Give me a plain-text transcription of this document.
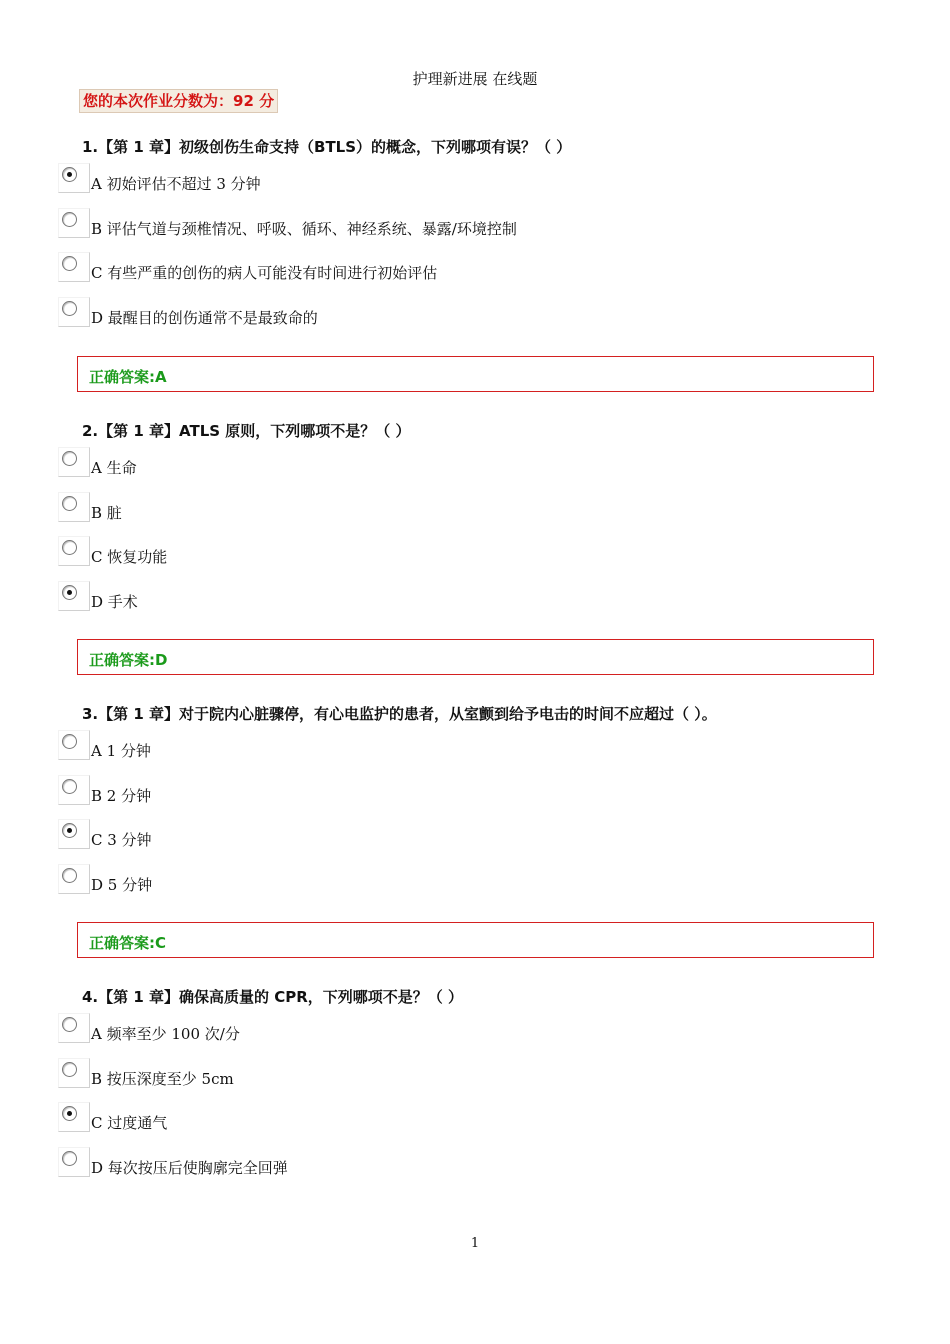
护理新进展 在线题
您的本次作业分数为：92 分
1.【第 1 章】初级创伤生命支持（BTLS）的概念，下列哪项有误？（ ）
A 初始评估不超过 3 分钟
B 评估气道与颈椎情况、呼吸、循环、神经系统、暴露/环境控制
C 有些严重的创伤的病人可能没有时间进行初始评估
D 最醒目的创伤通常不是最致命的
正确答案:A
2.【第 1 章】ATLS 原则，下列哪项不是？（ ）
A 生命
B 脏
C 恢复功能
D 手术
正确答案:D
3.【第 1 章】对于院内心脏骤停，有心电监护的患者，从室颤到给予电击的时间不应超过（ ）。
A 1 分钟
B 2 分钟
C 3 分钟
D 5 分钟
正确答案:C
4.【第 1 章】确保高质量的 CPR，下列哪项不是？（ ）
A 频率至少 100 次/分
B 按压深度至少 5cm
C 过度通气
D 每次按压后使胸廓完全回弹
1
